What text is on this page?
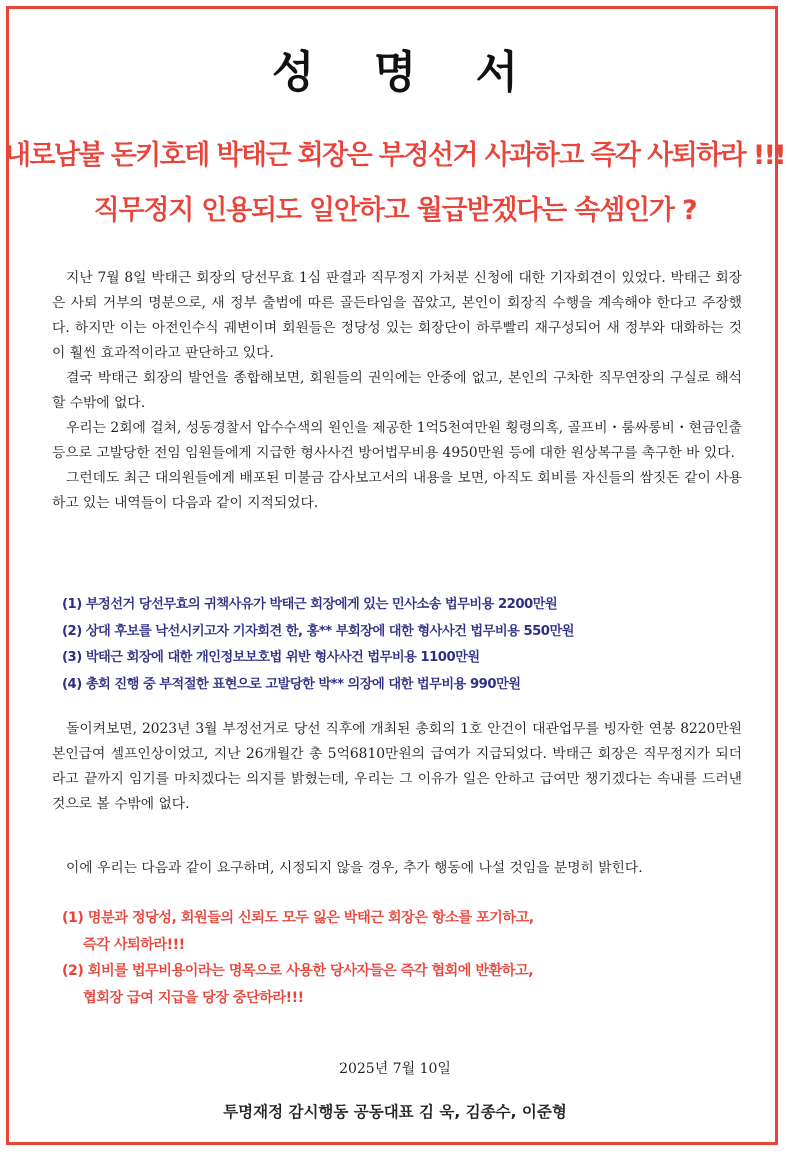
성 명 서
내로남불 돈키호테 박태근 회장은 부정선거 사과하고 즉각 사퇴하라 !!!
직무정지 인용되도 일안하고 월급받겠다는 속셈인가 ?

지난 7월 8일 박태근 회장의 당선무효 1심 판결과 직무정지 가처분 신청에 대한 기자회견이 있었다. 박태근 회장은 사퇴 거부의 명분으로, 새 정부 출범에 따른 골든타임을 꼽았고, 본인이 회장직 수행을 계속해야 한다고 주장했다. 하지만 이는 아전인수식 궤변이며 회원들은 정당성 있는 회장단이 하루빨리 재구성되어 새 정부와 대화하는 것이 훨씬 효과적이라고 판단하고 있다.

결국 박태근 회장의 발언을 종합해보면, 회원들의 권익에는 안중에 없고, 본인의 구차한 직무연장의 구실로 해석할 수밖에 없다.

우리는 2회에 걸쳐, 성동경찰서 압수수색의 원인을 제공한 1억5천여만원 횡령의혹, 골프비・룸싸롱비・현금인출 등으로 고발당한 전임 임원들에게 지급한 형사사건 방어법무비용 4950만원 등에 대한 원상복구를 촉구한 바 있다.

그런데도 최근 대의원들에게 배포된 미불금 감사보고서의 내용을 보면, 아직도 회비를 자신들의 쌈짓돈 같이 사용하고 있는 내역들이 다음과 같이 지적되었다.

(1) 부정선거 당선무효의 귀책사유가 박태근 회장에게 있는 민사소송 법무비용 2200만원
(2) 상대 후보를 낙선시키고자 기자회견 한, 홍** 부회장에 대한 형사사건 법무비용 550만원
(3) 박태근 회장에 대한 개인정보보호법 위반 형사사건 법무비용 1100만원
(4) 총회 진행 중 부적절한 표현으로 고발당한 박** 의장에 대한 법무비용 990만원

돌이켜보면, 2023년 3월 부정선거로 당선 직후에 개최된 총회의 1호 안건이 대관업무를 빙자한 연봉 8220만원 본인급여 셀프인상이었고, 지난 26개월간 총 5억6810만원의 급여가 지급되었다. 박태근 회장은 직무정지가 되더라고 끝까지 임기를 마치겠다는 의지를 밝혔는데, 우리는 그 이유가 일은 안하고 급여만 챙기겠다는 속내를 드러낸 것으로 볼 수밖에 없다.

이에 우리는 다음과 같이 요구하며, 시정되지 않을 경우, 추가 행동에 나설 것임을 분명히 밝힌다.

(1) 명분과 정당성, 회원들의 신뢰도 모두 잃은 박태근 회장은 항소를 포기하고,
즉각 사퇴하라!!!
(2) 회비를 법무비용이라는 명목으로 사용한 당사자들은 즉각 협회에 반환하고,
협회장 급여 지급을 당장 중단하라!!!
2025년 7월 10일
투명재정 감시행동 공동대표 김 욱, 김종수, 이준형
